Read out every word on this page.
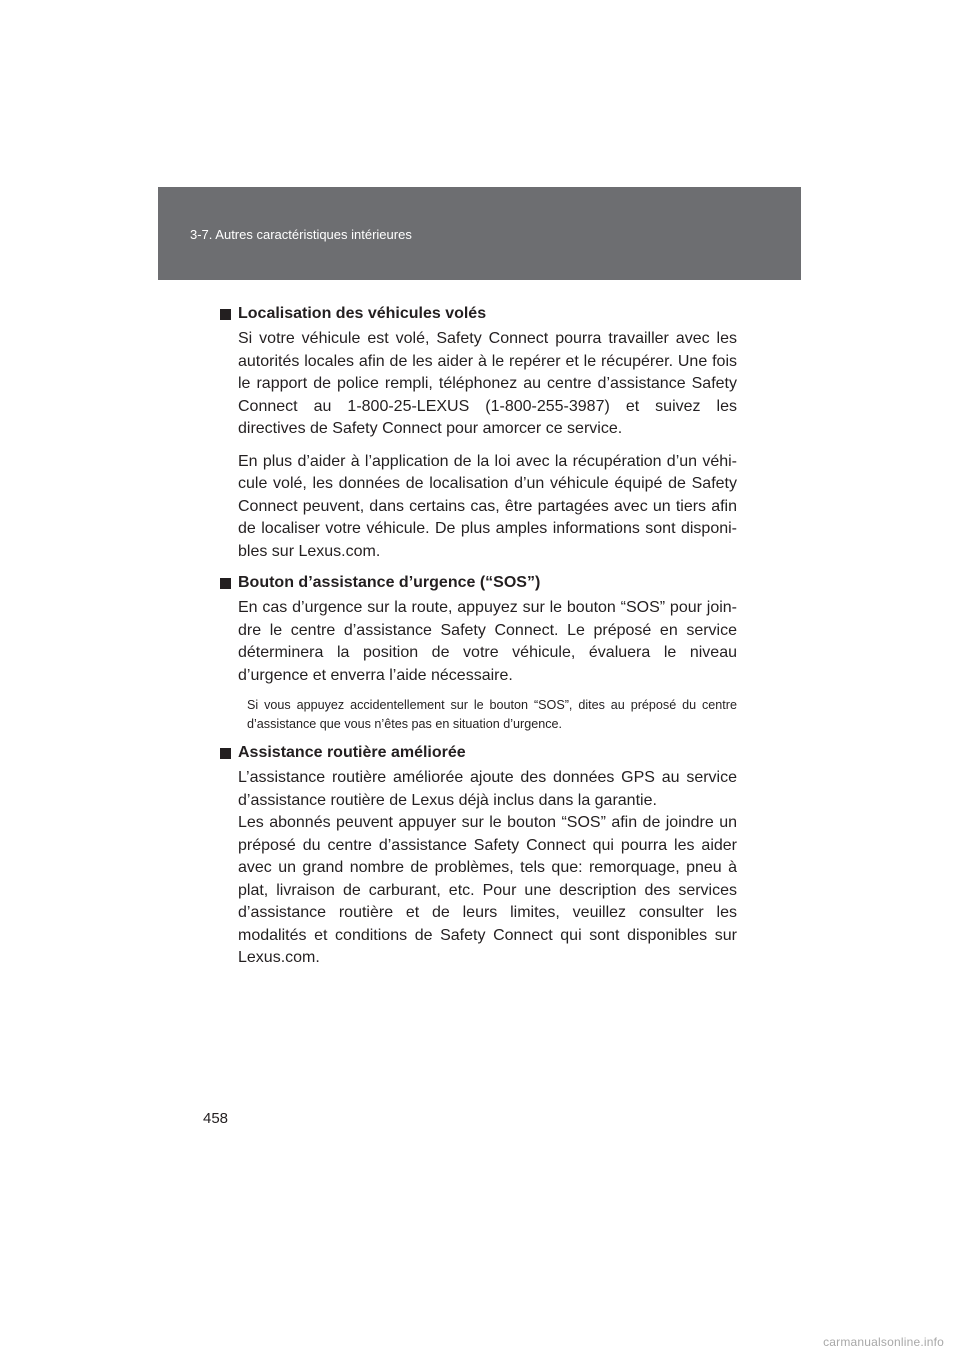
3-7. Autres caractéristiques intérieures
Localisation des véhicules volés

Si votre véhicule est volé, Safety Connect pourra travailler avec les autorités locales afin de les aider à le repérer et le récupérer. Une fois le rapport de police rempli, téléphonez au centre d’assistance Safety Connect au 1-800-25-LEXUS (1-800-255-3987) et suivez les directives de Safety Connect pour amorcer ce service.

En plus d’aider à l’application de la loi avec la récupération d’un véhi-cule volé, les données de localisation d’un véhicule équipé de Safety Connect peuvent, dans certains cas, être partagées avec un tiers afin de localiser votre véhicule. De plus amples informations sont disponi-bles sur Lexus.com.

Bouton d’assistance d’urgence (“SOS”)

En cas d’urgence sur la route, appuyez sur le bouton “SOS” pour join-dre le centre d’assistance Safety Connect. Le préposé en service déterminera la position de votre véhicule, évaluera le niveau d’urgence et enverra l’aide nécessaire.

Si vous appuyez accidentellement sur le bouton “SOS”, dites au préposé du centre d’assistance que vous n’êtes pas en situation d’urgence.

Assistance routière améliorée

L’assistance routière améliorée ajoute des données GPS au service d’assistance routière de Lexus déjà inclus dans la garantie.

Les abonnés peuvent appuyer sur le bouton “SOS” afin de joindre un préposé du centre d’assistance Safety Connect qui pourra les aider avec un grand nombre de problèmes, tels que: remorquage, pneu à plat, livraison de carburant, etc. Pour une description des services d’assistance routière et de leurs limites, veuillez consulter les modalités et conditions de Safety Connect qui sont disponibles sur Lexus.com.

458
carmanualsonline.info
